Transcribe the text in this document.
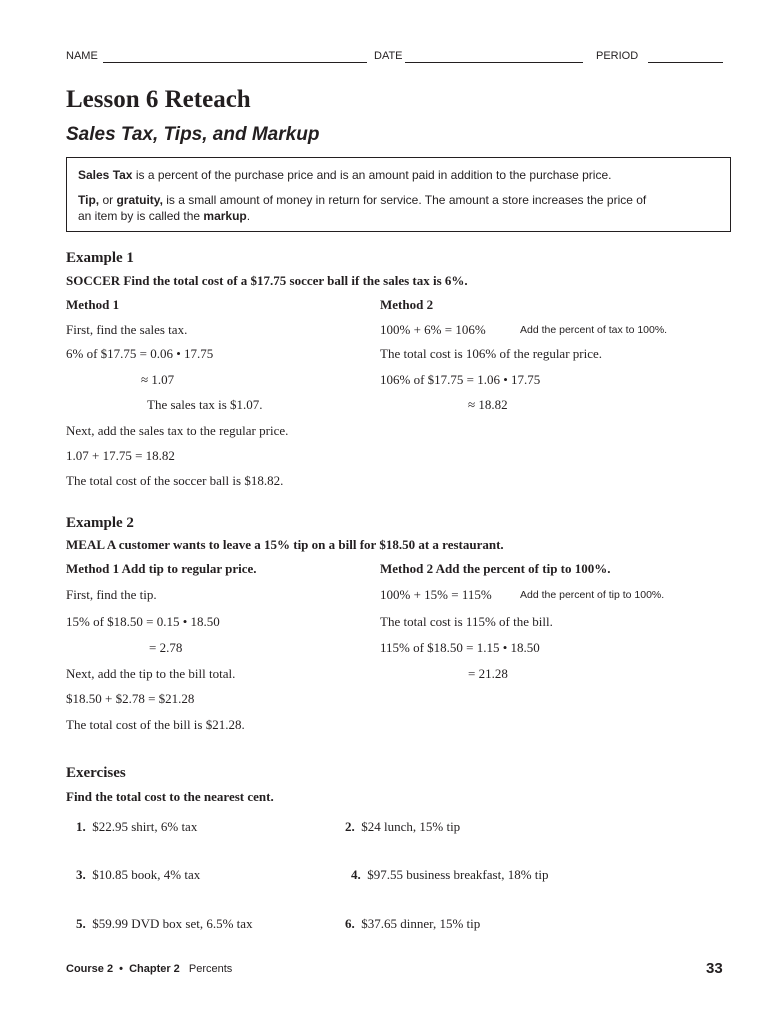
NAME	DATE	PERIOD
Lesson 6 Reteach
Sales Tax, Tips, and Markup
Sales Tax is a percent of the purchase price and is an amount paid in addition to the purchase price.
Tip, or gratuity, is a small amount of money in return for service. The amount a store increases the price of
an item by is called the markup.
Example 1
SOCCER Find the total cost of a $17.75 soccer ball if the sales tax is 6%.
Method 1
First, find the sales tax.
6% of $17.75 = 0.06 • 17.75
≈ 1.07
The sales tax is $1.07.
Next, add the sales tax to the regular price.
1.07 + 17.75 = 18.82
The total cost of the soccer ball is $18.82.
Method 2
100% + 6% = 106%	Add the percent of tax to 100%.
The total cost is 106% of the regular price.
106% of $17.75 = 1.06 • 17.75
≈ 18.82
Example 2
MEAL A customer wants to leave a 15% tip on a bill for $18.50 at a restaurant.
Method 1 Add tip to regular price.
First, find the tip.
15% of $18.50 = 0.15 • 18.50
= 2.78
Next, add the tip to the bill total.
$18.50 + $2.78 = $21.28
The total cost of the bill is $21.28.
Method 2 Add the percent of tip to 100%.
100% + 15% = 115%	Add the percent of tip to 100%.
The total cost is 115% of the bill.
115% of $18.50 = 1.15 • 18.50
= 21.28
Exercises
Find the total cost to the nearest cent.
1. $22.95 shirt, 6% tax	2. $24 lunch, 15% tip
3. $10.85 book, 4% tax	4. $97.55 business breakfast, 18% tip
5. $59.99 DVD box set, 6.5% tax	6. $37.65 dinner, 15% tip
Course 2 • Chapter 2 Percents	33
